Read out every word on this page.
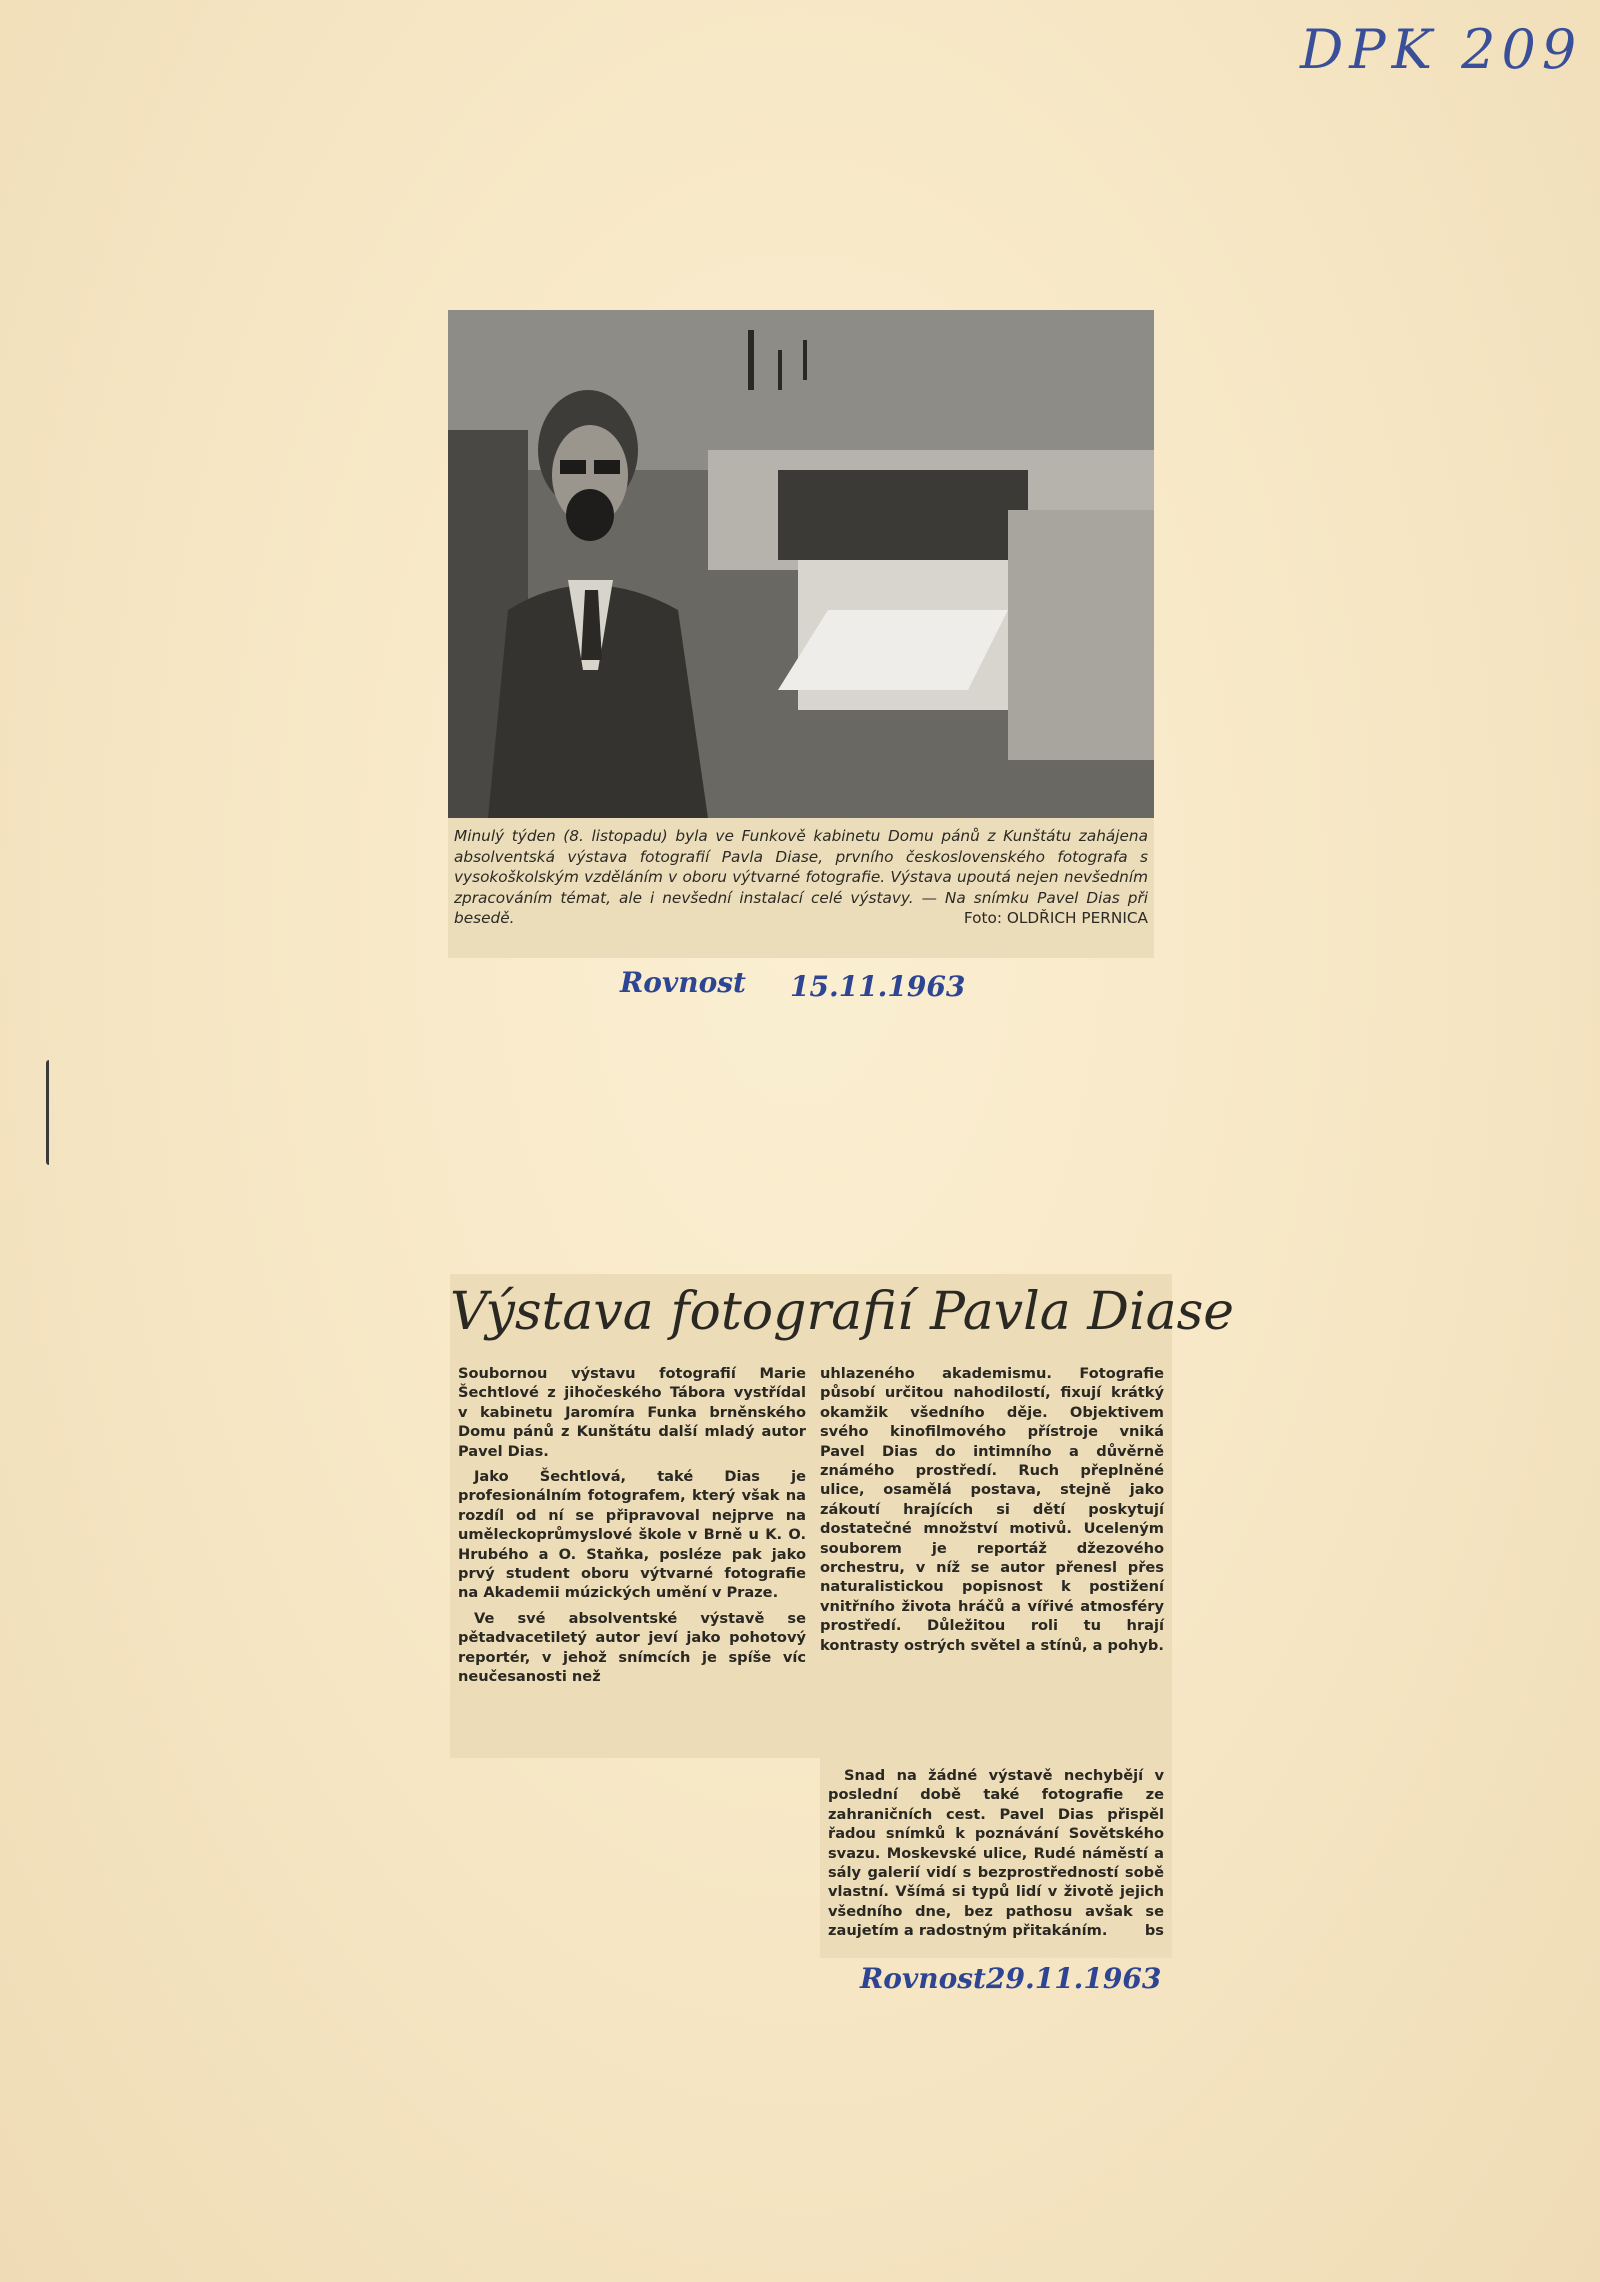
DPK 209
Minulý týden (8. listopadu) byla ve Funkově kabinetu Domu pánů z Kunštátu zahájena absolventská výstava fotografií Pavla Diase, prvního československého fotografa s vysokoškolským vzděláním v oboru výtvarné fotografie. Výstava upoutá nejen nevšedním zpracováním témat, ale i nevšední instalací celé výstavy. — Na snímku Pavel Dias při besedě.	Foto: OLDŘICH PERNICA
Rovnost 15.11.1963
Výstava fotografií Pavla Diase

Soubornou výstavu fotografií Marie Šechtlové z jihočeského Tábora vystřídal v kabinetu Jaromíra Funka brněnského Domu pánů z Kunštátu další mladý autor Pavel Dias.

Jako Šechtlová, také Dias je profesionálním fotografem, který však na rozdíl od ní se připravoval nejprve na uměleckoprůmyslové škole v Brně u K. O. Hrubého a O. Staňka, posléze pak jako prvý student oboru výtvarné fotografie na Akademii múzických umění v Praze.

Ve své absolventské výstavě se pětadvacetiletý autor jeví jako pohotový reportér, v jehož snímcích je spíše víc neučesanosti než

uhlazeného akademismu. Fotografie působí určitou nahodilostí, fixují krátký okamžik všedního děje. Objektivem svého kinofilmového přístroje vniká Pavel Dias do intimního a důvěrně známého prostředí. Ruch přeplněné ulice, osamělá postava, stejně jako zákoutí hrajících si dětí poskytují dostatečné množství motivů. Uceleným souborem je reportáž džezového orchestru, v níž se autor přenesl přes naturalistickou popisnost k postižení vnitřního života hráčů a vířivé atmosféry prostředí. Důležitou roli tu hrají kontrasty ostrých světel a stínů, a pohyb.

Snad na žádné výstavě nechybějí v poslední době také fotografie ze zahraničních cest. Pavel Dias přispěl řadou snímků k poznávání Sovětského svazu. Moskevské ulice, Rudé náměstí a sály galerií vidí s bezprostředností sobě vlastní. Všímá si typů lidí v životě jejich všedního dne, bez pathosu avšak se zaujetím a radostným přitakáním.	bs

Rovnost 29.11.1963
